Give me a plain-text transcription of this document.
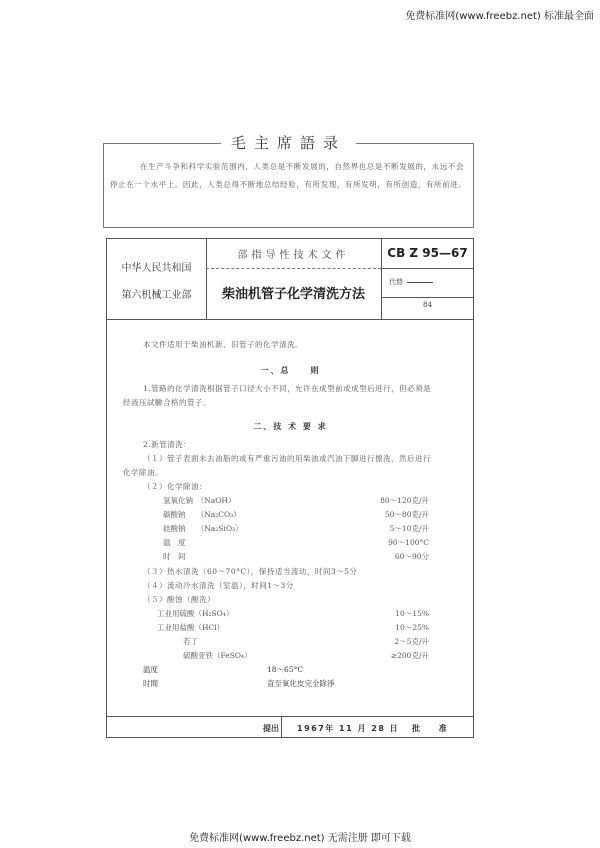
免费标准网(www.freebz.net) 标准最全面
毛主席語录
在生产斗争和科学实验范围内，人类总是不断发展的，自然界也总是不断发展的，永远不会停止在一个水平上。因此，人类总得不断地总结经验，有所发现，有所发明，有所创造，有所前进。
中华人民共和国
第六机械工业部
部指导性技术文件
柴油机管子化学清洗方法
CB Z 95—67
代替
84
本文件适用于柴油机新、旧管子的化学清洗。
一、总　　则
1.管路的化学清洗根据管子口径大小不同，允许在成型前或成型后进行，但必须是
经液压試驗合格的管子。
二、技 术 要 求
2.新管清洗：
（１）管子表面未去油脂的或有严重污油的用柴油或汽油下脚进行擦洗，然后进行
化学除油。
（２）化学除油：
氢氧化钠　（NaOH）	80～120克/升
碳酸钠　　（Na₂CO₃）	50～80克/升
硅酸钠　　（Na₂SiO₃）	5～10克/升
温　度	90～100°C
时　间	60～90分
（３）热水清洗（60～70°C），保持适当流动，时间3～5分
（４）流动冷水清洗（室温），时间1～3分
（５）酸蚀（酸洗）
工业用硫酸（H₂SO₄）	10～15%
工业用盐酸（HCl）	10～25%
若丁	2～5克/升
硫酸亚铁（FeSO₄）	≥200克/升
温度	18～65°C
时間	直至氧化皮完全除淨
提出 1967年 11 月 28 日 批 准
免费标准网(www.freebz.net) 无需注册 即可下载
